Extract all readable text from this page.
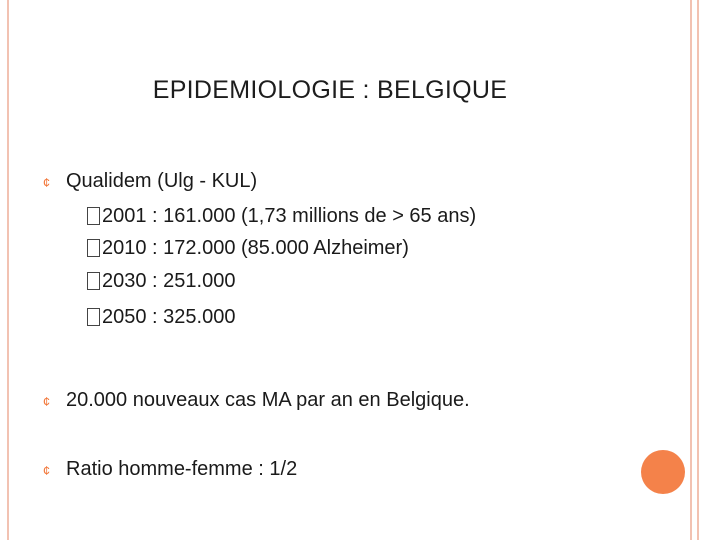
EPIDEMIOLOGIE : BELGIQUE
¢ Qualidem (Ulg - KUL)
2001 : 161.000 (1,73 millions de > 65 ans)
2010 : 172.000 (85.000 Alzheimer)
2030 : 251.000
2050 : 325.000
¢ 20.000 nouveaux cas MA par an en Belgique.
¢ Ratio homme-femme : 1/2
